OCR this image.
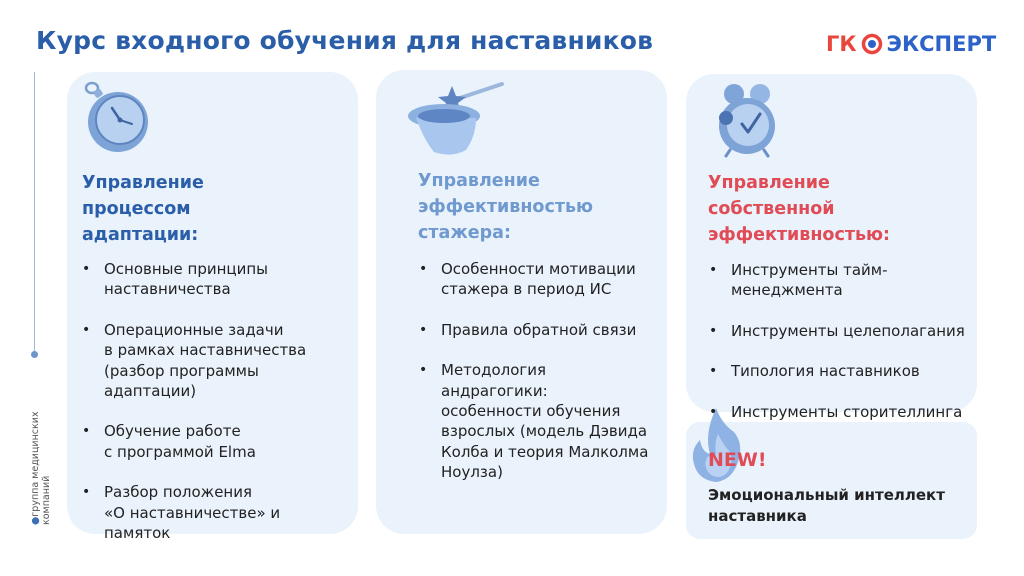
Курс входного обучения для наставников	ГК ЭКСПЕРТ
●группа медицинских компаний
Управление
процессом
адаптации:
Управление
эффективностью
стажера:
Управление
собственной
эффективностью:
• Основные принципы
наставничества
• Операционные задачи
в рамках наставничества
(разбор программы
адаптации)
• Обучение работе
с программой Elma
• Разбор положения
«О наставничестве» и
памяток
• Особенности мотивации
стажера в период ИС
• Правила обратной связи
• Методология
андрагогики:
особенности обучения
взрослых (модель Дэвида
Колба и теория Малколма
Ноулза)
• Инструменты тайм-
менеджмента
• Инструменты целеполагания
• Типология наставников
• Инструменты сторителлинга
NEW!
Эмоциональный интеллект
наставника
